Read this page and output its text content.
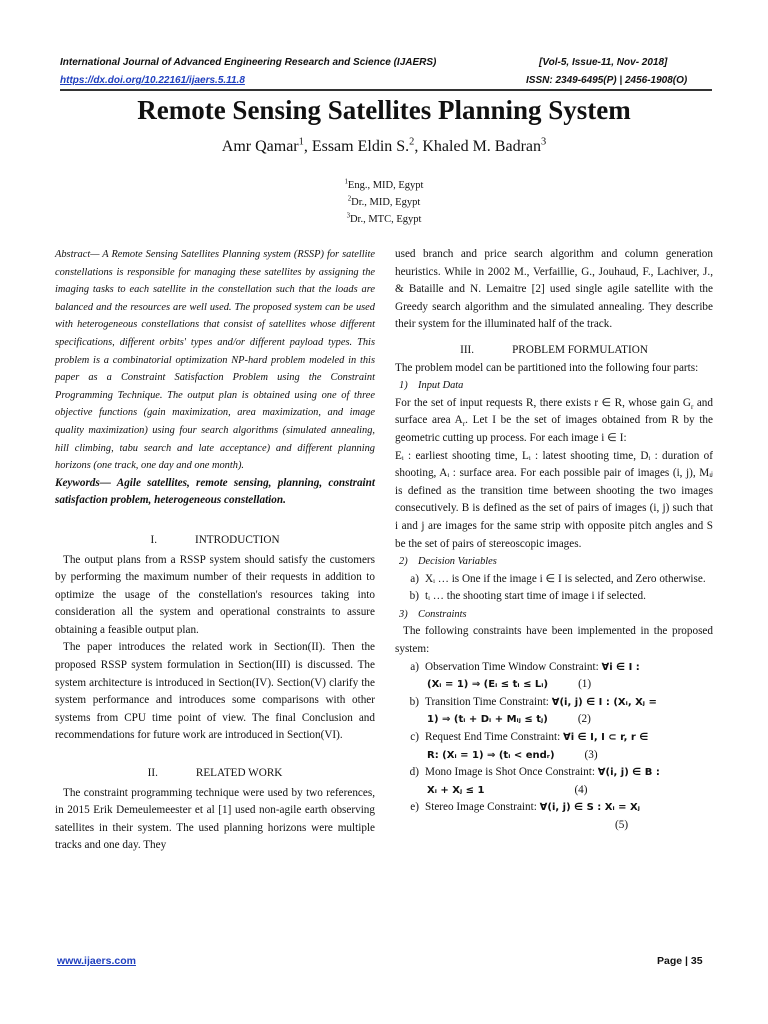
International Journal of Advanced Engineering Research and Science (IJAERS)	[Vol-5, Issue-11, Nov- 2018]
https://dx.doi.org/10.22161/ijaers.5.11.8	ISSN: 2349-6495(P) | 2456-1908(O)
Remote Sensing Satellites Planning System
Amr Qamar$^1$, Essam Eldin S.$^2$, Khaled M. Badran$^3$
$^1$Eng., MID, Egypt
$^2$Dr., MID, Egypt
$^3$Dr., MTC, Egypt

Abstract— A Remote Sensing Satellites Planning system (RSSP) for satellite constellations is responsible for managing these satellites by assigning the imaging tasks to each satellite in the constellation such that the loads are balanced and the resources are well used. The proposed system can be used with heterogeneous constellations that consist of satellites whose different specifications, different orbits' types and/or different payload types. This problem is a combinatorial optimization NP-hard problem modeled in this paper as a Constraint Satisfaction Problem using the Constraint Programming Technique. The output plan is obtained using one of three objective functions (gain maximization, area maximization, and image quality maximization) using four search algorithms (simulated annealing, hill climbing, tabu search and late acceptance) and different planning horizons (one track, one day and one month).

Keywords— Agile satellites, remote sensing, planning, constraint satisfaction problem, heterogeneous constellation.

I.	INTRODUCTION

The output plans from a RSSP system should satisfy the customers by performing the maximum number of their requests in addition to optimize the usage of the constellation's resources taking into consideration all the system and operational constraints to assure obtaining a feasible output plan.

The paper introduces the related work in Section(II). Then the proposed RSSP system formulation in Section(III) is discussed. The system architecture is introduced in Section(IV). Section(V) clarify the system performance and introduces some comparisons with other systems from CPU time point of view. The final Conclusion and recommendations for future work are introduced in Section(VI).

II.	RELATED WORK

The constraint programming technique were used by two references, in 2015 Erik Demeulemeester et al [1] used non-agile earth observing satellites in their system. The used planning horizons were multiple tracks and one day. They

used branch and price search algorithm and column generation heuristics. While in 2002 M., Verfaillie, G., Jouhaud, F., Lachiver, J., & Bataille and N. Lemaitre [2] used single agile satellite with the Greedy search algorithm and the simulated annealing. They describe their system for the illuminated half of the track.

III.	PROBLEM FORMULATION

The problem model can be partitioned into the following four parts:

1) Input Data

For the set of input requests R, there exists r ∈ R, whose gain $G_r$ and surface area $A_r$. Let I be the set of images obtained from R by the geometric cutting up process. For each image i ∈ I:

Eᵢ : earliest shooting time, Lᵢ : latest shooting time, Dᵢ : duration of shooting, Aᵢ : surface area. For each possible pair of images (i, j), Mᵢⱼ is defined as the transition time between shooting the two images consecutively. B is defined as the set of pairs of images (i, j) such that i and j are images for the same strip with opposite pitch angles and S be the set of pairs of stereoscopic images.

2) Decision Variables
a) Xᵢ … is One if the image i ∈ I is selected, and Zero otherwise.
b) tᵢ … the shooting start time of image i if selected.
3) Constraints

The following constraints have been implemented in the proposed system:

a) Observation Time Window Constraint: ∀i ∈ I :
(Xᵢ = 1) ⇒ (Eᵢ ≤ tᵢ ≤ Lᵢ)	(1)
b) Transition Time Constraint: ∀(i, j) ∈ I : (Xᵢ, Xⱼ =
1) ⇒ (tᵢ + Dᵢ + Mᵢⱼ ≤ tⱼ)	(2)
c) Request End Time Constraint: ∀i ∈ I, I ⊂ r, r ∈
R: (Xᵢ = 1) ⇒ (tᵢ < endᵣ)	(3)
d) Mono Image is Shot Once Constraint: ∀(i, j) ∈ B :
Xᵢ + Xⱼ ≤ 1	(4)
e) Stereo Image Constraint: ∀(i, j) ∈ S : Xᵢ = Xⱼ
(5)
www.ijaers.com	Page | 35
